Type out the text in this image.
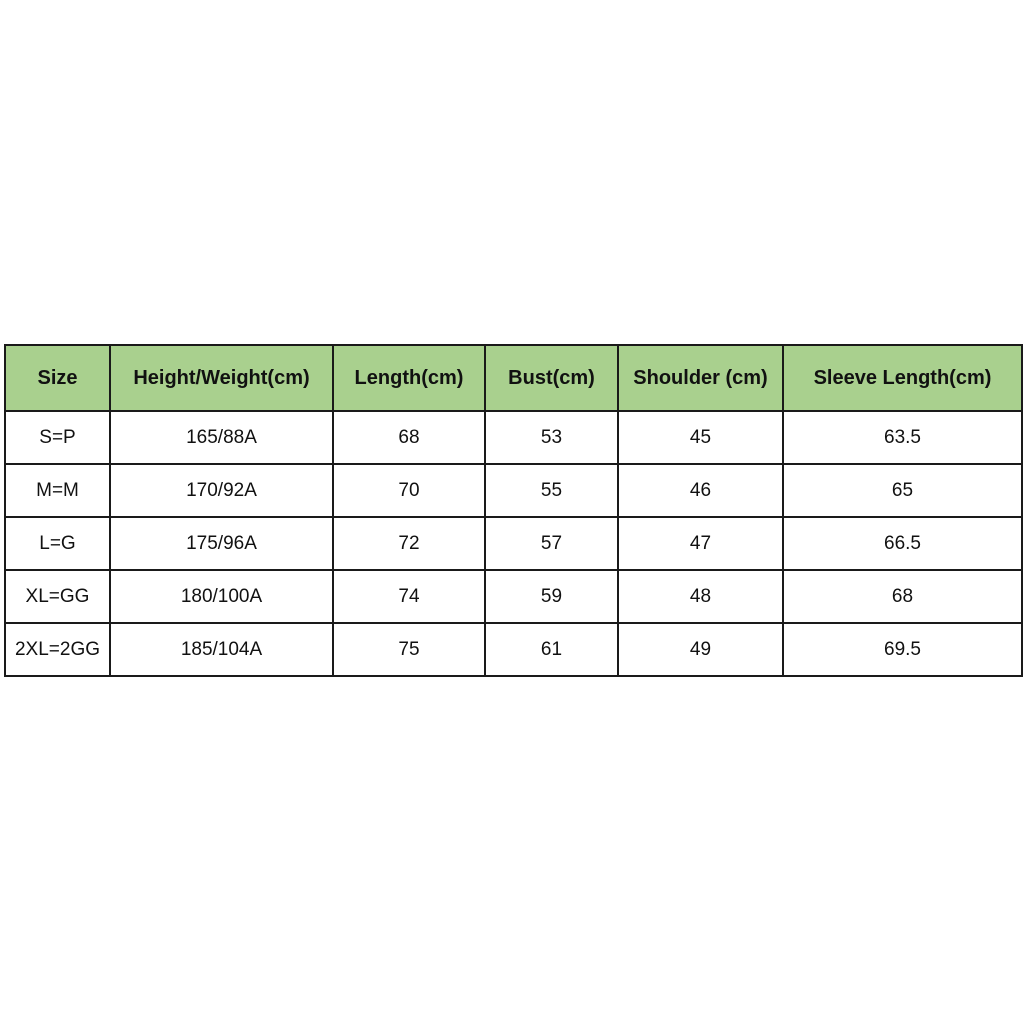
Size	Height/Weight(cm)	Length(cm)	Bust(cm)	Shoulder (cm)	Sleeve Length(cm)
S=P	165/88A	68	53	45	63.5
M=M	170/92A	70	55	46	65
L=G	175/96A	72	57	47	66.5
XL=GG	180/100A	74	59	48	68
2XL=2GG	185/104A	75	61	49	69.5
